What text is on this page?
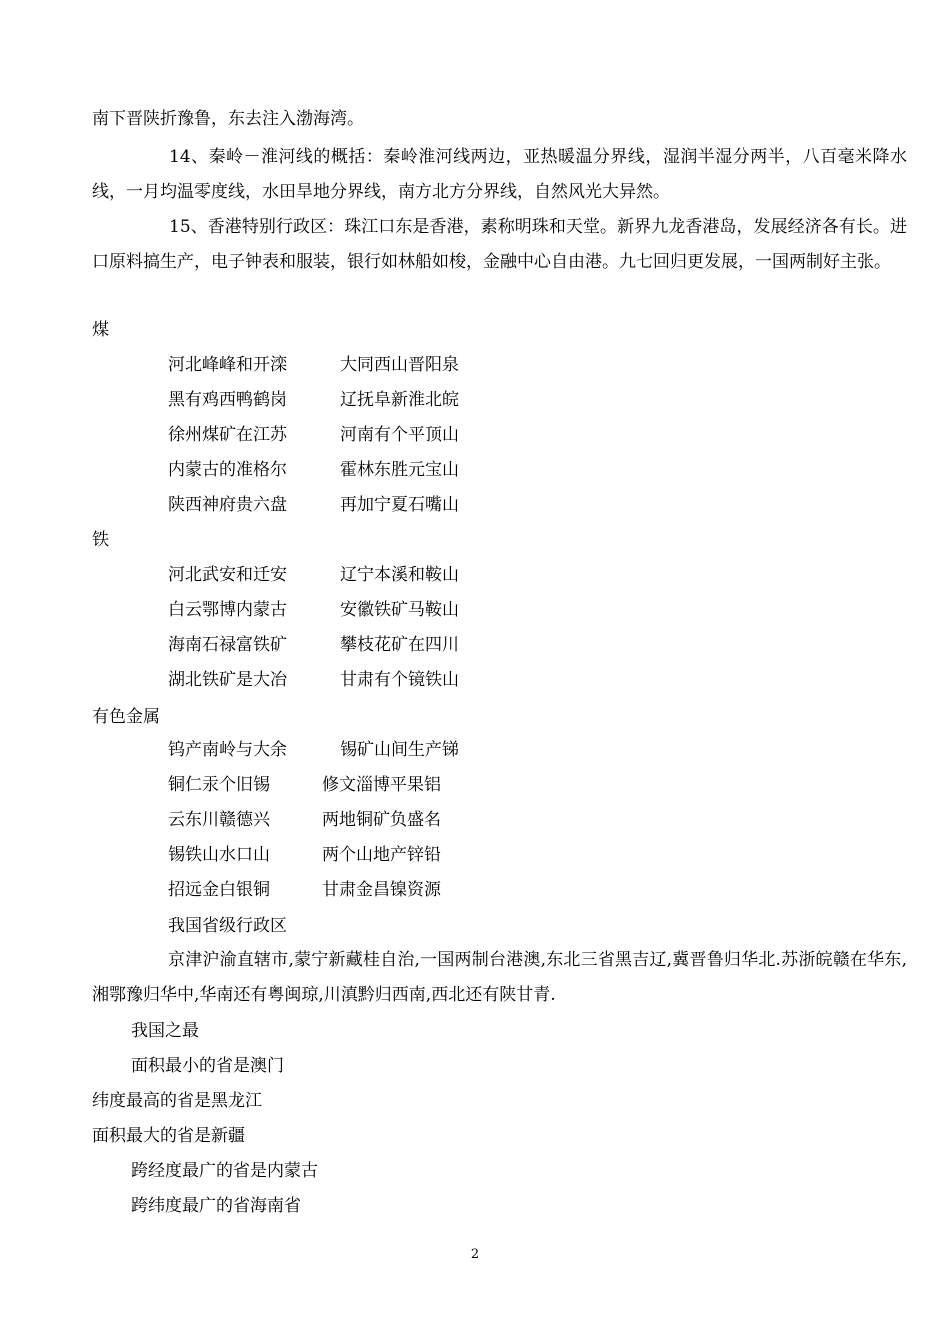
南下晋陕折豫鲁，东去注入渤海湾。

14、秦岭－淮河线的概括：秦岭淮河线两边，亚热暖温分界线，湿润半湿分两半，八百毫米降水线，一月均温零度线，水田旱地分界线，南方北方分界线，自然风光大异然。

15、香港特别行政区：珠江口东是香港，素称明珠和天堂。新界九龙香港岛，发展经济各有长。进口原料搞生产，电子钟表和服装，银行如林船如梭，金融中心自由港。九七回归更发展，一国两制好主张。

煤

河北峰峰和开滦	大同西山晋阳泉
黑有鸡西鸭鹤岗	辽抚阜新淮北皖
徐州煤矿在江苏	河南有个平顶山
内蒙古的准格尔	霍林东胜元宝山
陕西神府贵六盘	再加宁夏石嘴山

铁

河北武安和迁安	辽宁本溪和鞍山
白云鄂博内蒙古	安徽铁矿马鞍山
海南石禄富铁矿	攀枝花矿在四川
湖北铁矿是大冶	甘肃有个镜铁山

有色金属

钨产南岭与大余	锡矿山间生产锑
铜仁汞个旧锡	修文淄博平果铝
云东川赣德兴	两地铜矿负盛名
锡铁山水口山	两个山地产锌铅
招远金白银铜	甘肃金昌镍资源

我国省级行政区

京津沪渝直辖市,蒙宁新藏桂自治,一国两制台港澳,东北三省黑吉辽,冀晋鲁归华北.苏浙皖赣在华东,湘鄂豫归华中,华南还有粤闽琼,川滇黔归西南,西北还有陕甘青.

我国之最

面积最小的省是澳门

纬度最高的省是黑龙江

面积最大的省是新疆

跨经度最广的省是内蒙古

跨纬度最广的省海南省

2
